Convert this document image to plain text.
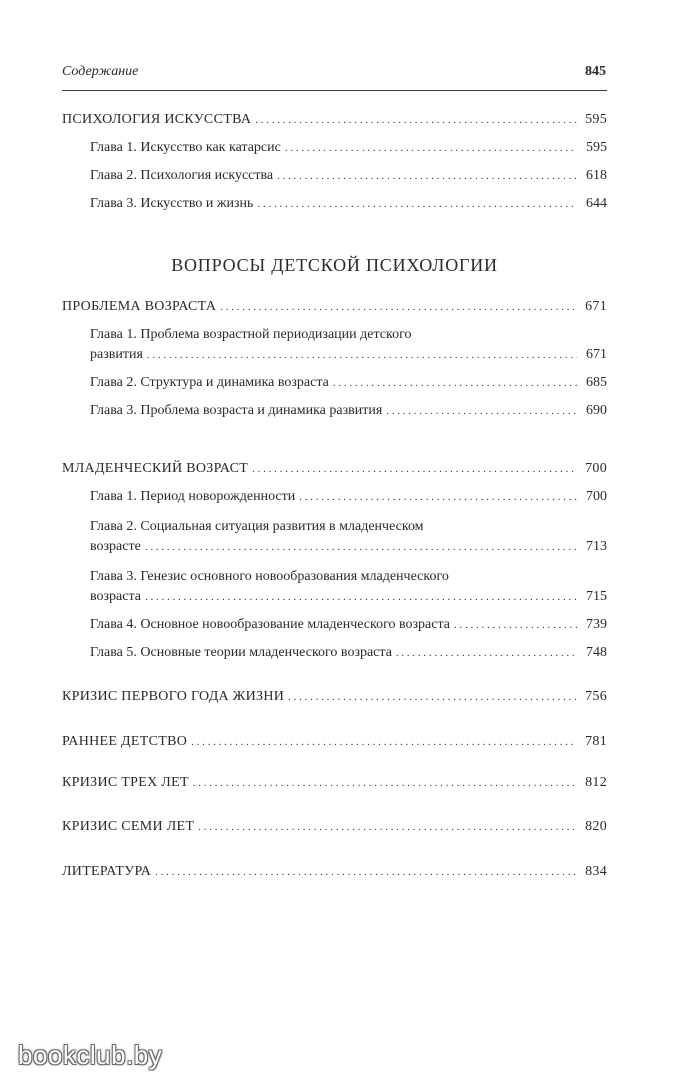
Содержание	845
ПСИХОЛОГИЯ ИСКУССТВА . . .	595
Глава 1. Искусство как катарсис . . .	595
Глава 2. Психология искусства . . .	618
Глава 3. Искусство и жизнь . . .	644
ВОПРОСЫ ДЕТСКОЙ ПСИХОЛОГИИ
ПРОБЛЕМА ВОЗРАСТА . . .	671
Глава 1. Проблема возрастной периодизации детского
развития . . .	671
Глава 2. Структура и динамика возраста . . .	685
Глава 3. Проблема возраста и динамика развития . . .	690
МЛАДЕНЧЕСКИЙ ВОЗРАСТ . . .	700
Глава 1. Период новорожденности . . .	700
Глава 2. Социальная ситуация развития в младенческом
возрасте . . .	713
Глава 3. Генезис основного новообразования младенческого
возраста . . .	715
Глава 4. Основное новообразование младенческого возраста . . .	739
Глава 5. Основные теории младенческого возраста . . .	748
КРИЗИС ПЕРВОГО ГОДА ЖИЗНИ . . .	756
РАННЕЕ ДЕТСТВО . . .	781
КРИЗИС ТРЕХ ЛЕТ . . .	812
КРИЗИС СЕМИ ЛЕТ . . .	820
ЛИТЕРАТУРА . . .	834
bookclub.by
